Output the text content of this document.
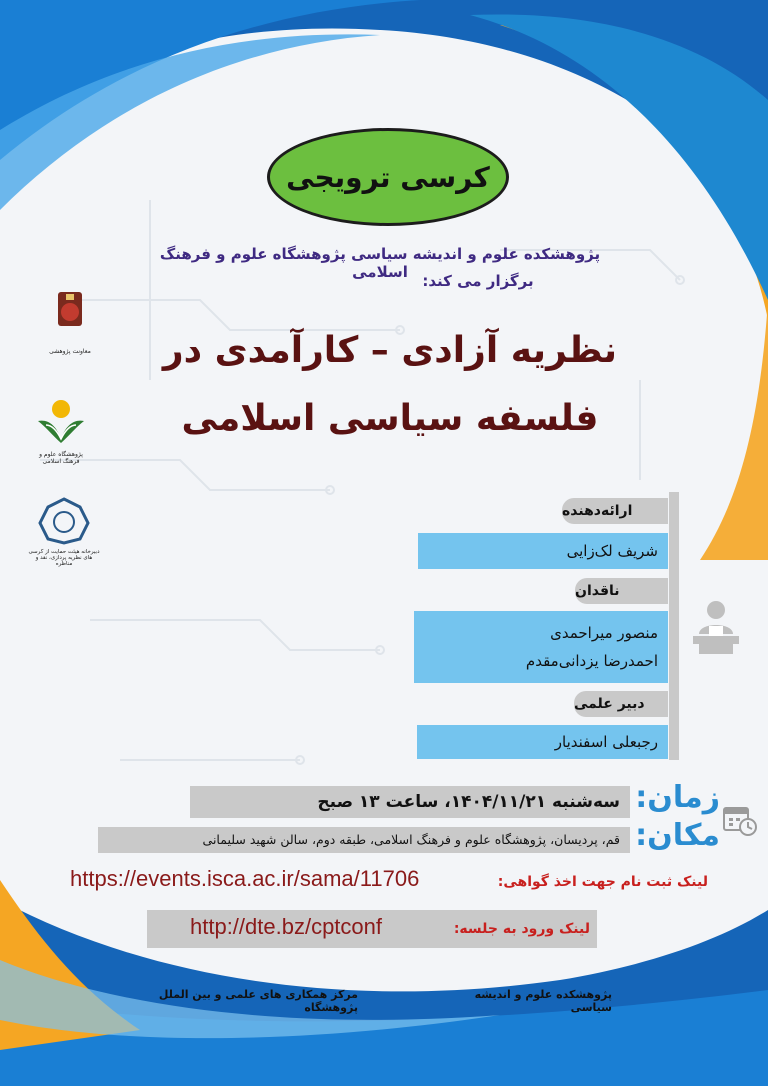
کرسی ترویجی
پژوهشکده علوم و اندیشه سیاسی پژوهشگاه علوم و فرهنگ اسلامی برگزار می کند:
نظریه آزادی – کارآمدی در
فلسفه سیاسی اسلامی
معاونت پژوهشی
پژوهشگاه علوم و فرهنگ اسلامی
دبیرخانه هیئت حمایت از کرسی های نظریه پردازی، نقد و مناظره
ارائه‌دهنده
شریف لک‌زایی
ناقدان
منصور میراحمدی
احمدرضا یزدانی‌مقدم
دبیر علمی
رجبعلی اسفندیار
سه‌شنبه ۱۴۰۴/۱۱/۲۱، ساعت ۱۳ صبح زمان:
قم، پردیسان، پژوهشگاه علوم و فرهنگ اسلامی، طبقه دوم، سالن شهید سلیمانی مکان:
لینک ثبت نام جهت اخذ گواهی:
https://events.isca.ac.ir/sama/11706
لینک ورود به جلسه:
http://dte.bz/cptconf
پژوهشکده علوم و اندیشه سیاسی
مرکز همکاری های علمی و بین الملل پژوهشگاه
